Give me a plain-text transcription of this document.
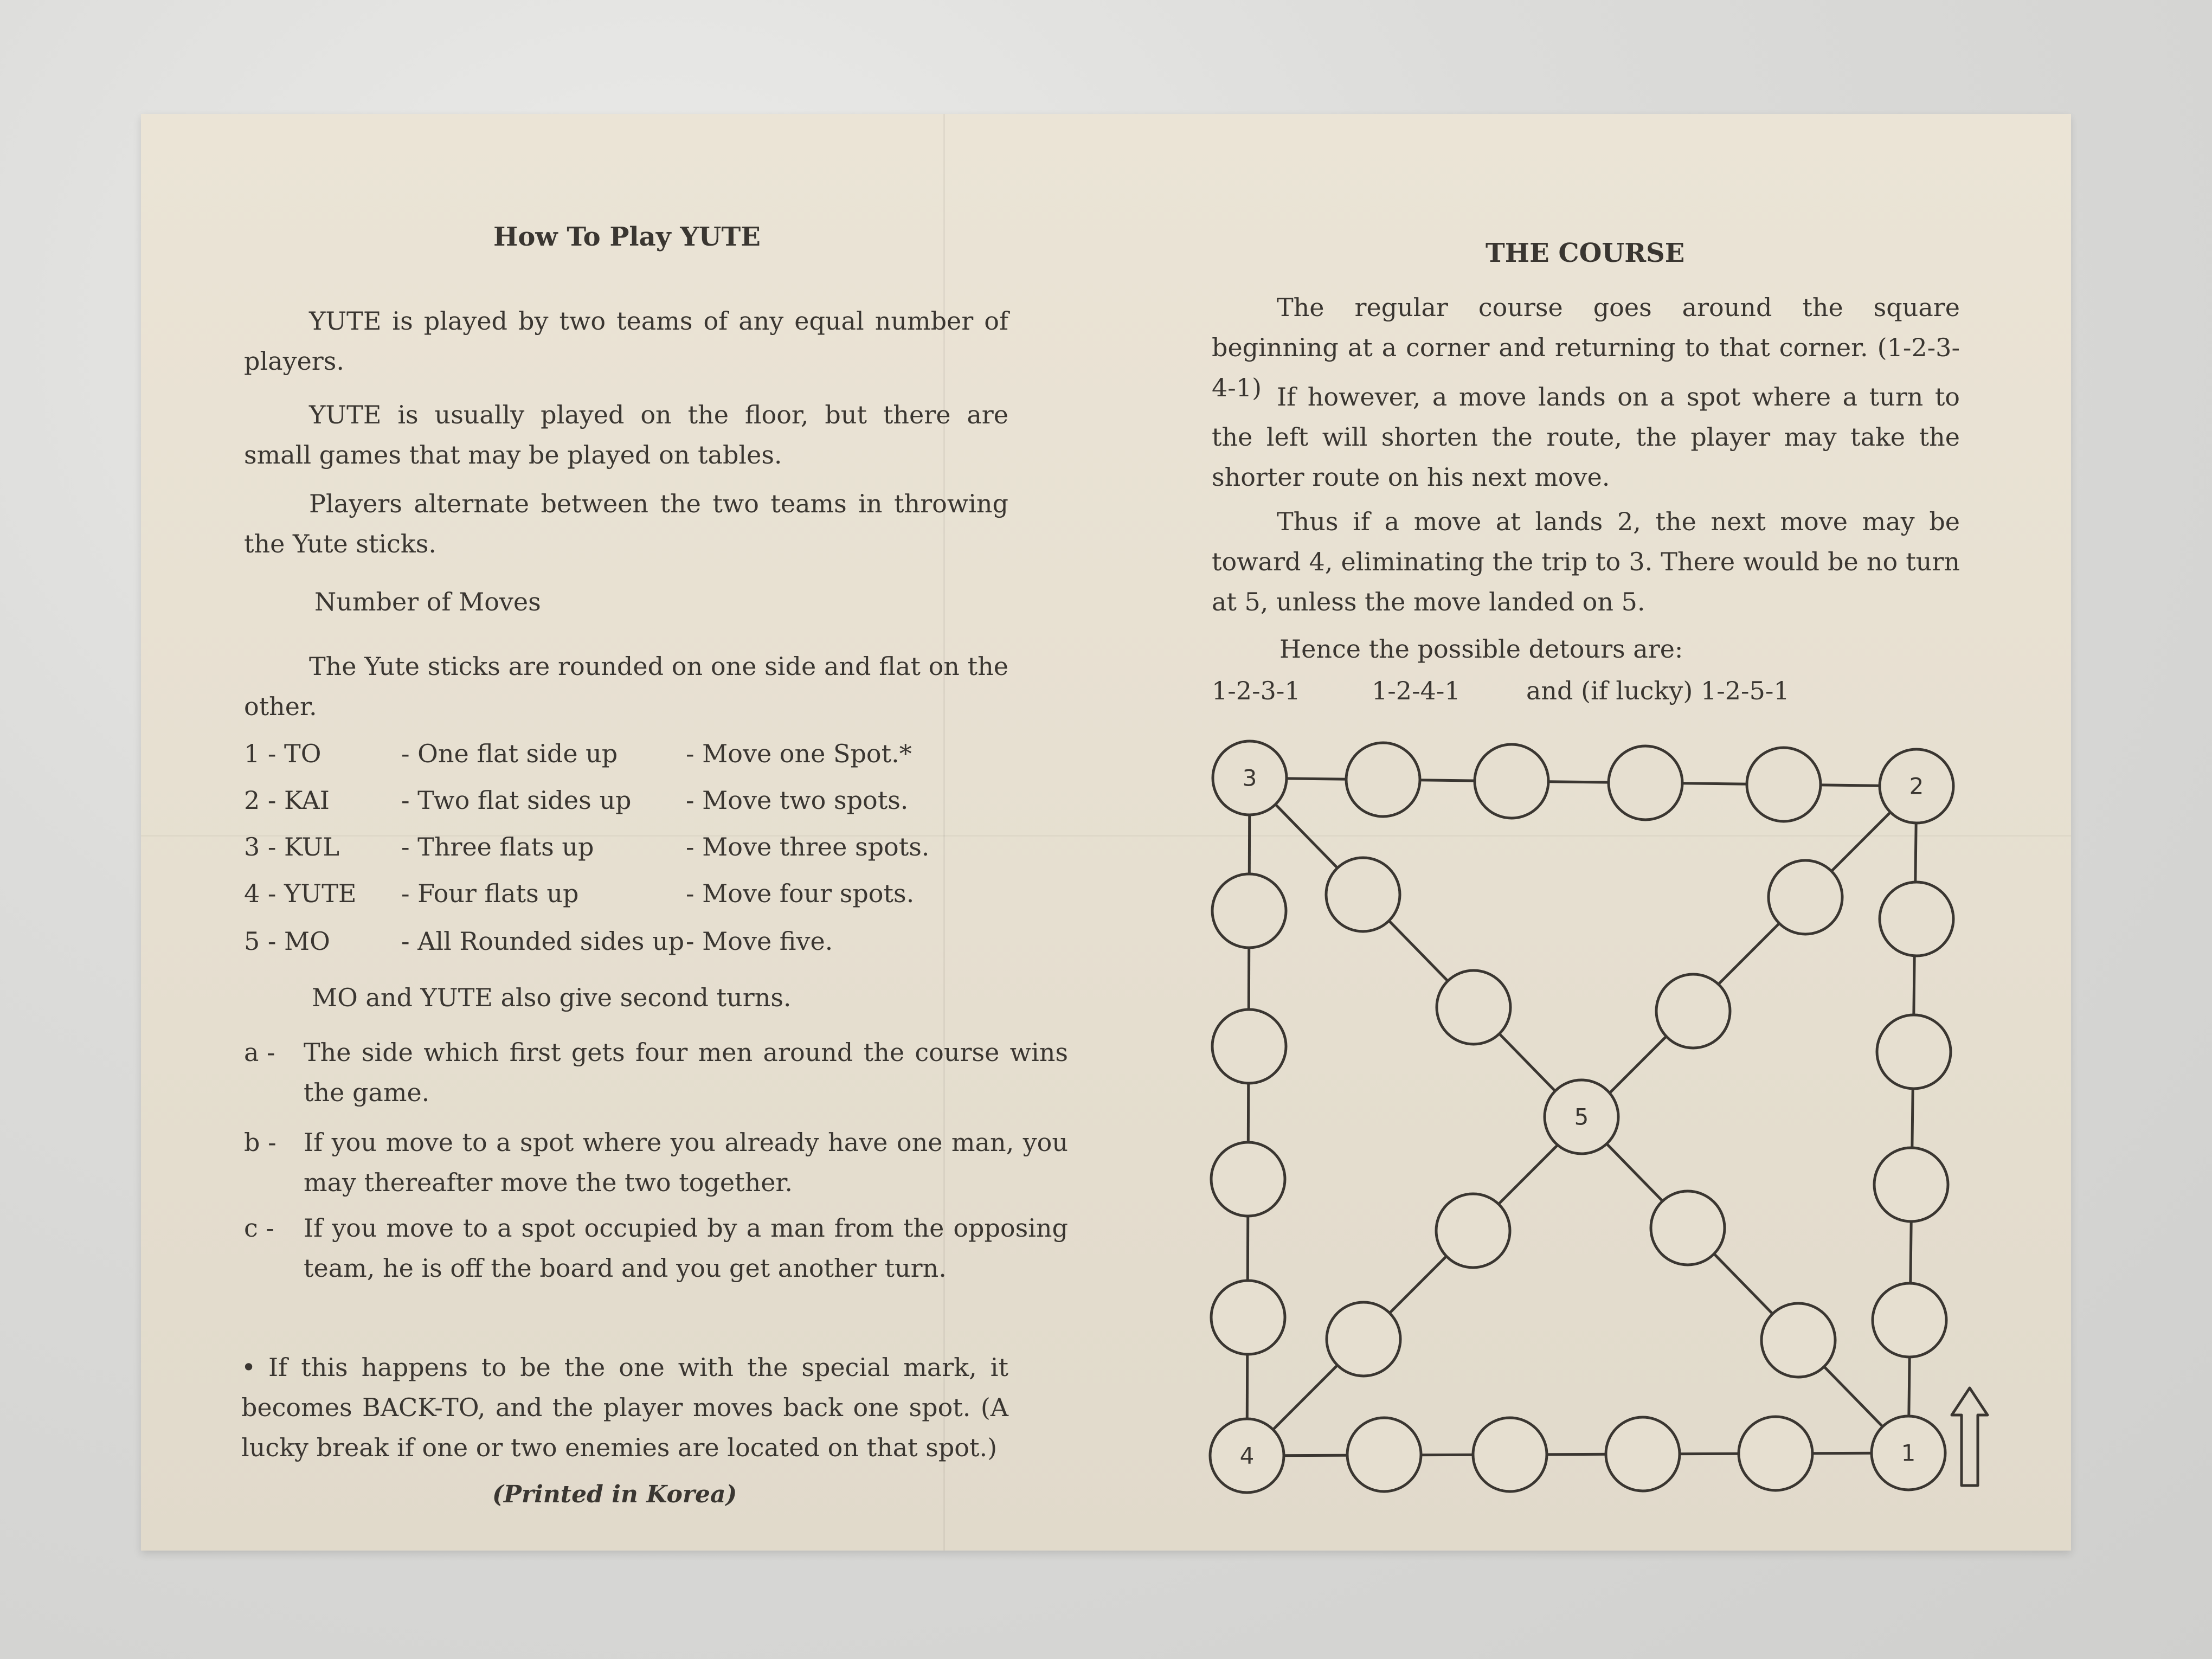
How To Play YUTE
YUTE is played by two teams of any equal number of players.
YUTE is usually played on the floor, but there are small games that may be played on tables.
Players alternate between the two teams in throwing the Yute sticks.
Number of Moves
The Yute sticks are rounded on one side and flat on the other.
1 - TO	- One flat side up	- Move one Spot.*
2 - KAI	- Two flat sides up - Move two spots.
3 - KUL - Three flats up	- Move three spots.
4 - YUTE - Four flats up	- Move four spots.
5 - MO	- All Rounded sides up - Move five.
MO and YUTE also give second turns.
a - The side which first gets four men around the course wins the game.
b - If you move to a spot where you already have one man, you may thereafter move the two together.
c - If you move to a spot occupied by a man from the opposing team, he is off the board and you get another turn.
• If this happens to be the one with the special mark, it becomes BACK-TO, and the player moves back one spot. (A lucky break if one or two enemies are located on that spot.)
(Printed in Korea)
THE COURSE
The regular course goes around the square beginning at a corner and returning to that corner. (1-2-3-4-1) If however, a move lands on a spot where a turn to the left will shorten the route, the player may take the shorter route on his next move.
Thus if a move at lands 2, the next move may be toward 4, eliminating the trip to 3. There would be no turn at 5, unless the move landed on 5.
Hence the possible detours are:
1-2-3-1	1-2-4-1	and (if lucky) 1-2-5-1
3	2
4	1
5
